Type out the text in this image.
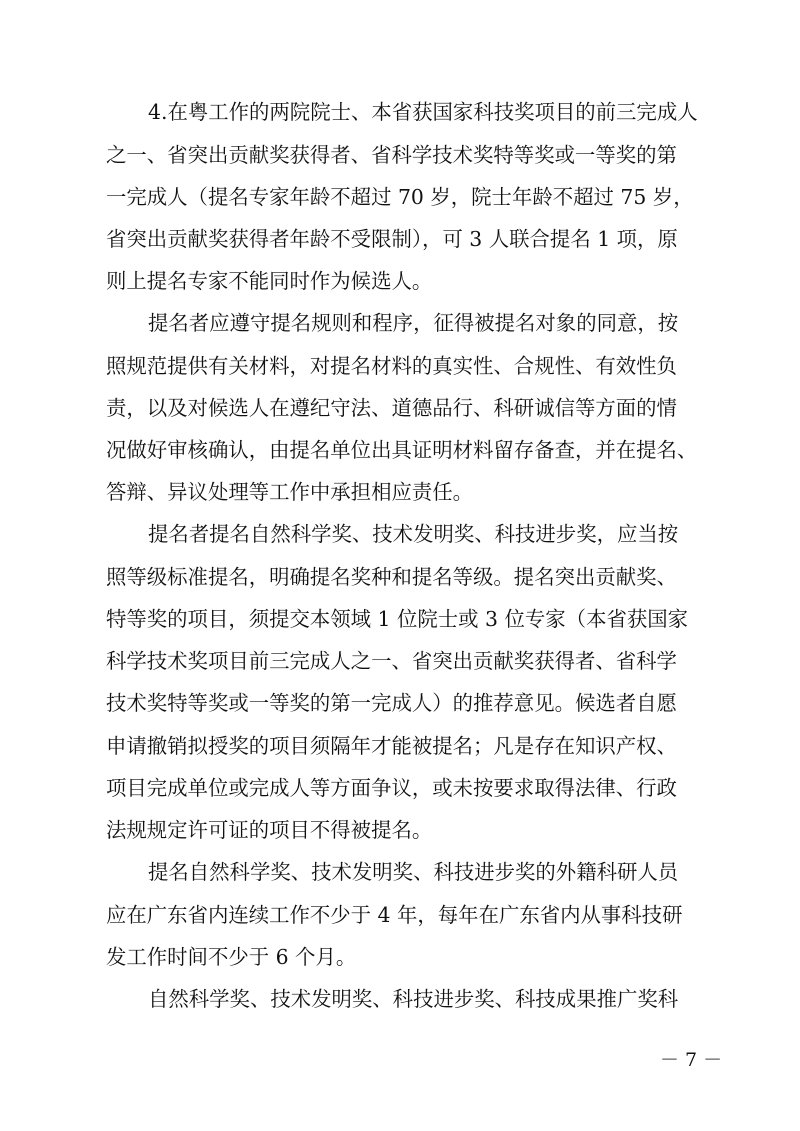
4.在粤工作的两院院士、本省获国家科技奖项目的前三完成人
之一、省突出贡献奖获得者、省科学技术奖特等奖或一等奖的第
一完成人（提名专家年龄不超过 70 岁，院士年龄不超过 75 岁，
省突出贡献奖获得者年龄不受限制），可 3 人联合提名 1 项，原
则上提名专家不能同时作为候选人。
提名者应遵守提名规则和程序，征得被提名对象的同意，按
照规范提供有关材料，对提名材料的真实性、合规性、有效性负
责，以及对候选人在遵纪守法、道德品行、科研诚信等方面的情
况做好审核确认，由提名单位出具证明材料留存备查，并在提名、
答辩、异议处理等工作中承担相应责任。
提名者提名自然科学奖、技术发明奖、科技进步奖，应当按
照等级标准提名，明确提名奖种和提名等级。提名突出贡献奖、
特等奖的项目，须提交本领域 1 位院士或 3 位专家（本省获国家
科学技术奖项目前三完成人之一、省突出贡献奖获得者、省科学
技术奖特等奖或一等奖的第一完成人）的推荐意见。候选者自愿
申请撤销拟授奖的项目须隔年才能被提名；凡是存在知识产权、
项目完成单位或完成人等方面争议，或未按要求取得法律、行政
法规规定许可证的项目不得被提名。
提名自然科学奖、技术发明奖、科技进步奖的外籍科研人员
应在广东省内连续工作不少于 4 年，每年在广东省内从事科技研
发工作时间不少于 6 个月。
自然科学奖、技术发明奖、科技进步奖、科技成果推广奖科
－ 7 －
